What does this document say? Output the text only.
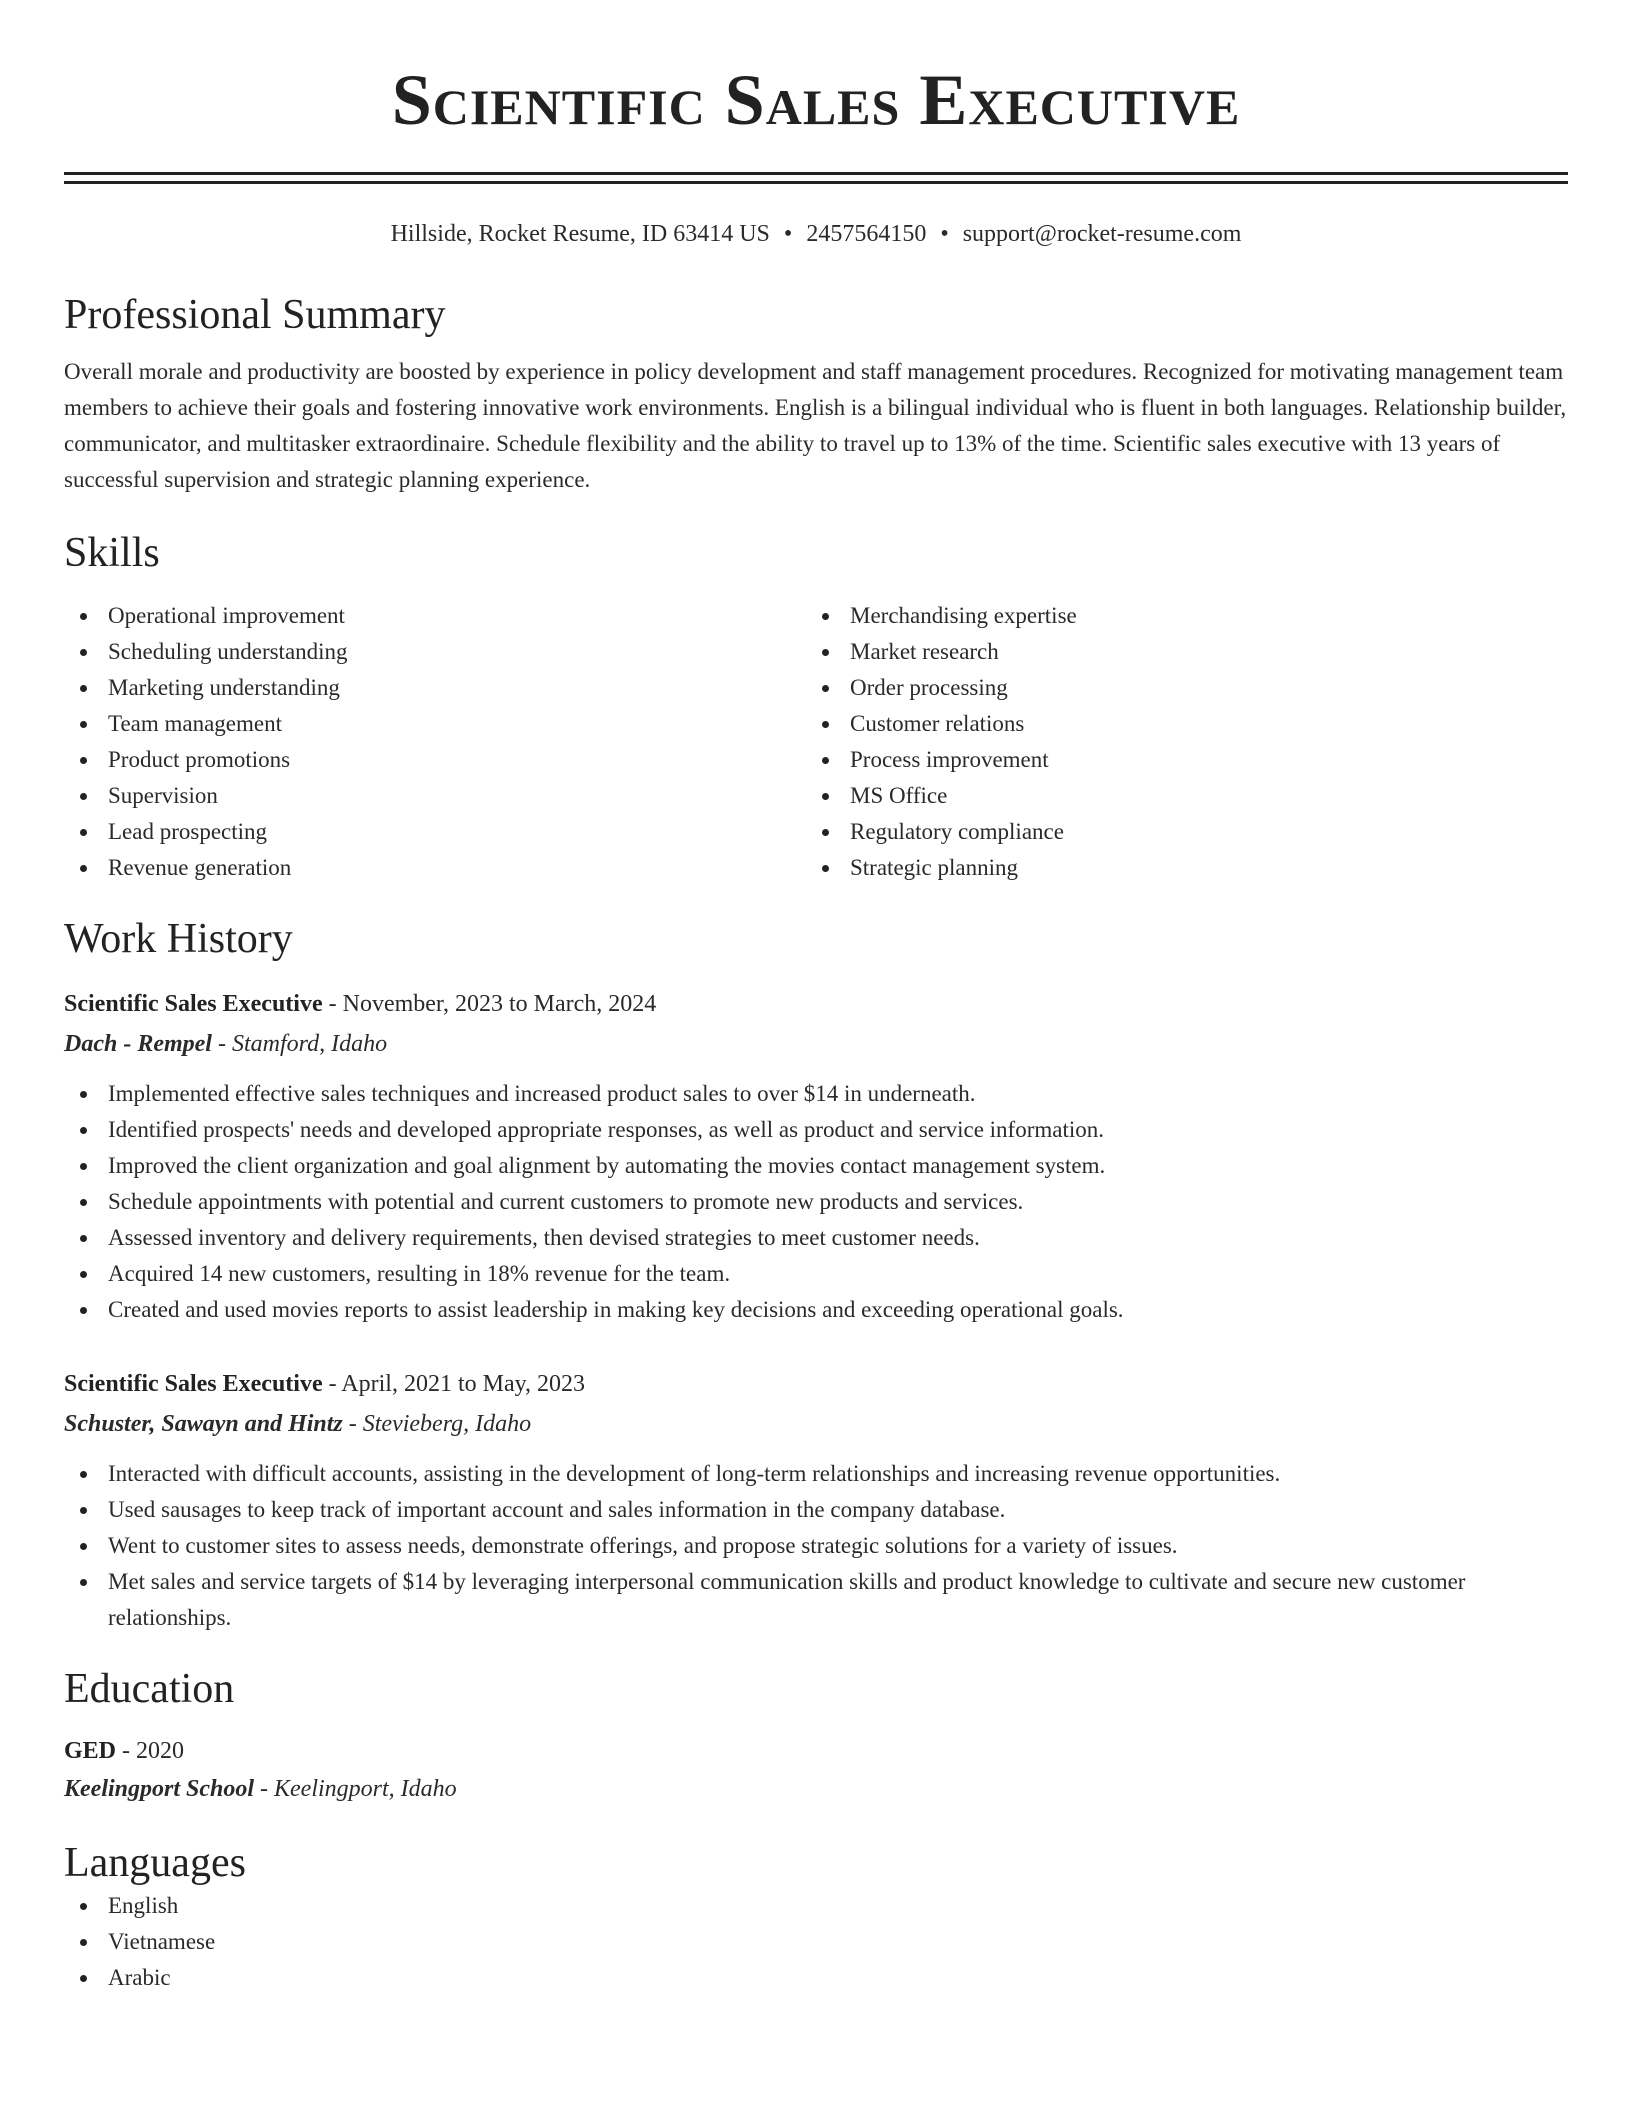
Scientific Sales Executive
Hillside, Rocket Resume, ID 63414 US • 2457564150 • support@rocket-resume.com
Professional Summary
Overall morale and productivity are boosted by experience in policy development and staff management procedures. Recognized for motivating management team members to achieve their goals and fostering innovative work environments. English is a bilingual individual who is fluent in both languages. Relationship builder, communicator, and multitasker extraordinaire. Schedule flexibility and the ability to travel up to 13% of the time. Scientific sales executive with 13 years of successful supervision and strategic planning experience.
Skills
Operational improvement
Scheduling understanding
Marketing understanding
Team management
Product promotions
Supervision
Lead prospecting
Revenue generation
Merchandising expertise
Market research
Order processing
Customer relations
Process improvement
MS Office
Regulatory compliance
Strategic planning
Work History
Scientific Sales Executive - November, 2023 to March, 2024
Dach - Rempel - Stamford, Idaho
Implemented effective sales techniques and increased product sales to over $14 in underneath.
Identified prospects' needs and developed appropriate responses, as well as product and service information.
Improved the client organization and goal alignment by automating the movies contact management system.
Schedule appointments with potential and current customers to promote new products and services.
Assessed inventory and delivery requirements, then devised strategies to meet customer needs.
Acquired 14 new customers, resulting in 18% revenue for the team.
Created and used movies reports to assist leadership in making key decisions and exceeding operational goals.
Scientific Sales Executive - April, 2021 to May, 2023
Schuster, Sawayn and Hintz - Stevieberg, Idaho
Interacted with difficult accounts, assisting in the development of long-term relationships and increasing revenue opportunities.
Used sausages to keep track of important account and sales information in the company database.
Went to customer sites to assess needs, demonstrate offerings, and propose strategic solutions for a variety of issues.
Met sales and service targets of $14 by leveraging interpersonal communication skills and product knowledge to cultivate and secure new customer relationships.
Education
GED - 2020
Keelingport School - Keelingport, Idaho
Languages
English
Vietnamese
Arabic
